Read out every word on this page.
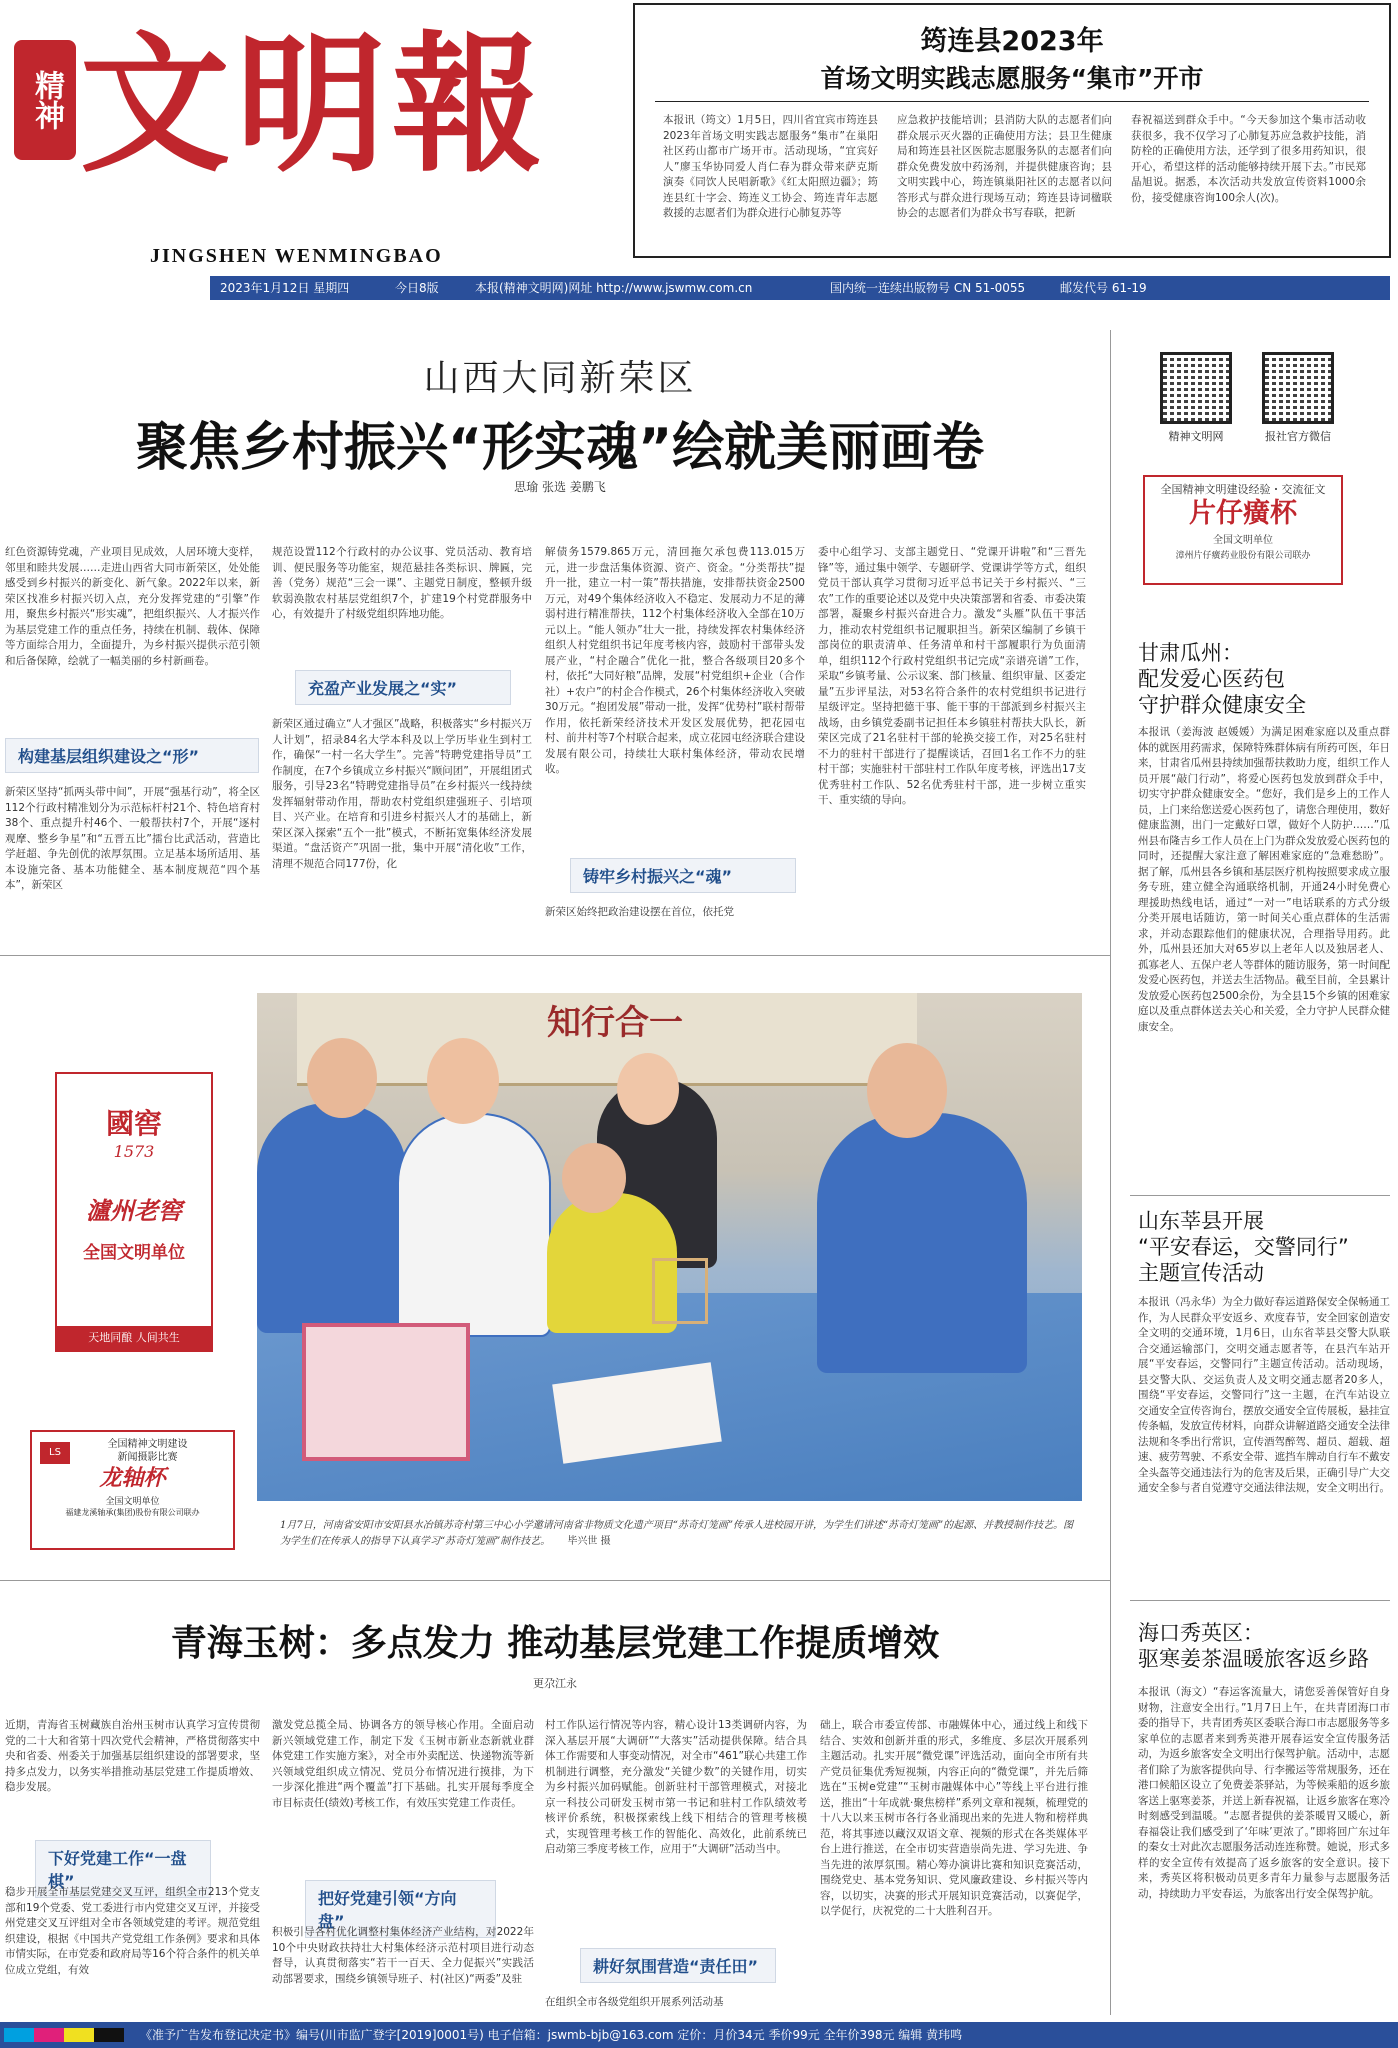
精神 文明報
JINGSHEN WENMINGBAO
筠连县2023年
首场文明实践志愿服务“集市”开市
本报讯（筠文）1月5日，四川省宜宾市筠连县2023年首场文明实践志愿服务“集市”在巢阳社区药山都市广场开市。活动现场，“宜宾好人”廖玉华协同爱人肖仁春为群众带来萨克斯演奏《同饮人民唱新歌》《红太阳照边疆》；筠连县红十字会、筠连义工协会、筠连青年志愿救援的志愿者们为群众进行心肺复苏等
应急救护技能培训；县消防大队的志愿者们向群众展示灭火器的正确使用方法；县卫生健康局和筠连县社区医院志愿服务队的志愿者们向群众免费发放中药汤剂，并提供健康咨询；县文明实践中心，筠连镇巢阳社区的志愿者以问答形式与群众进行现场互动；筠连县诗词楹联协会的志愿者们为群众书写春联，把新
春祝福送到群众手中。“今天参加这个集市活动收获很多，我不仅学习了心肺复苏应急救护技能，消防栓的正确使用方法，还学到了很多用药知识，很开心，希望这样的活动能够持续开展下去。”市民郑晶旭说。据悉，本次活动共发放宣传资料1000余份，接受健康咨询100余人(次)。
2023年1月12日 星期四	今日8版	本报(精神文明网)网址 http://www.jswmw.com.cn	国内统一连续出版物号 CN 51-0055	邮发代号 61-19
山西大同新荣区
聚焦乡村振兴“形实魂”绘就美丽画卷
思瑜 张选 姜鹏飞
红色资源铸党魂，产业项目见成效，人居环境大变样，邻里和睦共发展……走进山西省大同市新荣区，处处能感受到乡村振兴的新变化、新气象。2022年以来，新荣区找准乡村振兴切入点，充分发挥党建的“引擎”作用，聚焦乡村振兴“形实魂”，把组织振兴、人才振兴作为基层党建工作的重点任务，持续在机制、载体、保障等方面综合用力，全面提升，为乡村振兴提供示范引领和后备保障，绘就了一幅美丽的乡村新画卷。
构建基层组织建设之“形”
新荣区坚持“抓两头带中间”，开展“强基行动”，将全区112个行政村精准划分为示范标杆村21个、特色培育村38个、重点提升村46个、一般帮扶村7个，开展“逐村观摩、整乡争星”和“五晋五比”擂台比武活动，营造比学赶超、争先创优的浓厚氛围。立足基本场所适用、基本设施完备、基本功能健全、基本制度规范“四个基本”，新荣区
规范设置112个行政村的办公议事、党员活动、教育培训、便民服务等功能室，规范悬挂各类标识、牌匾，完善（党务）规范“三会一课”、主题党日制度，整顿升级软弱涣散农村基层党组织7个，扩建19个村党群服务中心，有效提升了村级党组织阵地功能。
充盈产业发展之“实”
新荣区通过确立“人才强区”战略，积极落实“乡村振兴万人计划”，招录84名大学本科及以上学历毕业生到村工作，确保“一村一名大学生”。完善“特聘党建指导员”工作制度，在7个乡镇成立乡村振兴“顾问团”，开展组团式服务，引导23名“特聘党建指导员”在乡村振兴一线持续发挥辐射带动作用，帮助农村党组织建强班子、引培项目、兴产业。在培育和引进乡村振兴人才的基础上，新荣区深入探索“五个一批”模式，不断拓宽集体经济发展渠道。“盘活资产”巩固一批，集中开展“清化收”工作，清理不规范合同177份，化
解债务1579.865万元，清回拖欠承包费113.015万元，进一步盘活集体资源、资产、资金。“分类帮扶”提升一批，建立一村一策”帮扶措施，安排帮扶资金2500万元，对49个集体经济收入不稳定、发展动力不足的薄弱村进行精准帮扶，112个村集体经济收入全部在10万元以上。“能人领办”壮大一批，持续发挥农村集体经济组织人村党组织书记年度考核内容，鼓励村干部带头发展产业，“村企融合”优化一批，整合各级项目20多个村，依托“大同好粮”品牌，发展“村党组织+企业（合作社）+农户”的村企合作模式，26个村集体经济收入突破30万元。“抱团发展”带动一批，发挥“优势村”联村帮带作用，依托新荣经济技术开发区发展优势，把花园屯村、前井村等7个村联合起来，成立花园屯经济联合建设发展有限公司，持续壮大联村集体经济，带动农民增收。
铸牢乡村振兴之“魂”
新荣区始终把政治建设摆在首位，依托党
委中心组学习、支部主题党日、“党课开讲啦”和“三晋先锋”等，通过集中领学、专题研学、党课讲学等方式，组织党员干部认真学习贯彻习近平总书记关于乡村振兴、“三农”工作的重要论述以及党中央决策部署和省委、市委决策部署，凝聚乡村振兴奋进合力。激发“头雁”队伍干事活力，推动农村党组织书记履职担当。新荣区编制了乡镇干部岗位的职责清单、任务清单和村干部履职行为负面清单，组织112个行政村党组织书记完成“亲谱亮谱”工作，采取“乡镇考量、公示议案、部门核量、组织审量、区委定量”五步评星法，对53名符合条件的农村党组织书记进行星级评定。坚持把德干事、能干事的干部派到乡村振兴主战场，由乡镇党委副书记担任本乡镇驻村帮扶大队长，新荣区完成了21名驻村干部的轮换交接工作，对25名驻村不力的驻村干部进行了提醒谈话，召回1名工作不力的驻村干部；实施驻村干部驻村工作队年度考核，评选出17支优秀驻村工作队、52名优秀驻村干部，进一步树立重实干、重实绩的导向。
精神文明网	报社官方微信
全国精神文明建设经验・交流征文
片仔癀杯
全国文明单位
漳州片仔癀药业股份有限公司联办
甘肃瓜州：
配发爱心医药包
守护群众健康安全
本报讯（姜海波 赵媛媛）为满足困难家庭以及重点群体的就医用药需求，保障特殊群体病有所药可医，年日来，甘肃省瓜州县持续加强帮扶救助力度，组织工作人员开展“敲门行动”，将爱心医药包发放到群众手中，切实守护群众健康安全。“您好，我们是乡上的工作人员，上门来给您送爱心医药包了，请您合理使用，数好健康监测，出门一定戴好口罩，做好个人防护……”瓜州县布隆吉乡工作人员在上门为群众发放爱心医药包的同时，还提醒大家注意了解困难家庭的“急难愁盼”。据了解，瓜州县各乡镇和基层医疗机构按照要求成立服务专班，建立健全沟通联络机制，开通24小时免费心理援助热线电话，通过“一对一”电话联系的方式分级分类开展电话随访，第一时间关心重点群体的生活需求，并动态跟踪他们的健康状况，合理指导用药。此外，瓜州县还加大对65岁以上老年人以及独居老人、孤寡老人、五保户老人等群体的随访服务，第一时间配发爱心医药包，并送去生活物品。截至目前，全县累计发放爱心医药包2500余份，为全县15个乡镇的困难家庭以及重点群体送去关心和关爱，全力守护人民群众健康安全。
山东莘县开展
“平安春运，交警同行”
主题宣传活动
本报讯（冯永华）为全力做好春运道路保安全保畅通工作，为人民群众平安返乡、欢度春节，安全回家创造安全文明的交通环境，1月6日，山东省莘县交警大队联合交通运输部门，交明交通志愿者等，在县汽车站开展“平安春运，交警同行”主题宣传活动。活动现场，县交警大队、交运负责人及文明交通志愿者20多人，围绕“平安春运，交警同行”这一主题，在汽车站设立交通安全宣传咨询台，摆放交通安全宣传展板，悬挂宣传条幅，发放宣传材料，向群众讲解道路交通安全法律法规和冬季出行常识，宣传酒驾醉驾、超员、超载、超速、疲劳驾驶、不系安全带、遮挡车牌动自行车不戴安全头盔等交通违法行为的危害及后果，正确引导广大交通安全参与者自觉遵守交通法律法规，安全文明出行。
海口秀英区：
驱寒姜茶温暖旅客返乡路
本报讯（海文）“春运客流量大，请您妥善保管好自身财物，注意安全出行。”1月7日上午，在共青团海口市委的指导下，共青团秀英区委联合海口市志愿服务等多家单位的志愿者来到秀英港开展春运安全宣传服务活动，为返乡旅客安全文明出行保驾护航。活动中，志愿者们除了为旅客提供向导、行李搬运等常规服务，还在港口候船区设立了免费姜茶驿站，为等候乘船的返乡旅客送上驱寒姜茶，并送上新春祝福，让返乡旅客在寒冷时刻感受到温暖。“志愿者提供的姜茶暖胃又暖心，新春福袋让我们感受到了‘年味’更浓了。”即将回广东过年的秦女士对此次志愿服务活动连连称赞。她说，形式多样的安全宣传有效提高了返乡旅客的安全意识。接下来，秀英区将积极动员更多青年力量参与志愿服务活动，持续助力平安春运，为旅客出行安全保驾护航。
國窖
1573
瀘州老窖
全国文明单位
天地同酿 人间共生
LS
全国精神文明建设
新闻摄影比赛
龙轴杯
全国文明单位
福建龙溪轴承(集团)股份有限公司联办
知行合一
1月7日，河南省安阳市安阳县水冶镇苏奇村第三中心小学邀请河南省非物质文化遗产项目“苏奇灯笼画”传承人进校园开讲，为学生们讲述“苏奇灯笼画”的起源、并教授制作技艺。图为学生们在传承人的指导下认真学习“苏奇灯笼画”制作技艺。 毕兴世 摄
青海玉树：多点发力 推动基层党建工作提质增效
更尕江永
近期，青海省玉树藏族自治州玉树市认真学习宣传贯彻党的二十大和省第十四次党代会精神，严格贯彻落实中央和省委、州委关于加强基层组织建设的部署要求，坚持多点发力，以务实举措推动基层党建工作提质增效、稳步发展。
下好党建工作“一盘棋”
稳步开展全市基层党建交叉互评，组织全市213个党支部和19个党委、党工委进行市内党建交叉互评，并接受州党建交叉互评组对全市各领域党建的考评。规范党组织建设，根据《中国共产党党组工作条例》要求和具体市情实际，在市党委和政府局等16个符合条件的机关单位成立党组，有效
激发党总揽全局、协调各方的领导核心作用。全面启动新兴领域党建工作，制定下发《玉树市新业态新就业群体党建工作实施方案》，对全市外卖配送、快递物流等新兴领域党组织成立情况、党员分布情况进行摸排，为下一步深化推进“两个覆盖”打下基础。扎实开展每季度全市目标责任(绩效)考核工作，有效压实党建工作责任。
把好党建引领“方向盘”
积极引导各村优化调整村集体经济产业结构，对2022年10个中央财政扶持壮大村集体经济示范村项目进行动态督导，认真贯彻落实“若干一百天、全力促振兴”实践活动部署要求，围绕乡镇领导班子、村(社区)“两委”及驻
村工作队运行情况等内容，精心设计13类调研内容，为深入基层开展“大调研”“大落实”活动提供保障。结合具体工作需要和人事变动情况，对全市“461”联心共建工作机制进行调整，充分激发“关键少数”的关键作用，切实为乡村振兴加码赋能。创新驻村干部管理模式，对接北京一科技公司研发玉树市第一书记和驻村工作队绩效考核评价系统，积极探索线上线下相结合的管理考核模式，实现管理考核工作的智能化、高效化，此前系统已启动第三季度考核工作，应用于“大调研”活动当中。
耕好氛围营造“责任田”
在组织全市各级党组织开展系列活动基
础上，联合市委宣传部、市融媒体中心，通过线上和线下结合、实效和创新并重的形式，多维度、多层次开展系列主题活动。扎实开展“微党课”评选活动，面向全市所有共产党员征集优秀短视频，内容正向的“微党课”，并先后筛选在“玉树e党建”“玉树市融媒体中心”等线上平台进行推送，推出“十年成就·聚焦榜样”系列文章和视频，梳理党的十八大以来玉树市各行各业涌现出来的先进人物和榜样典范，将其事迹以藏汉双语文章、视频的形式在各类媒体平台上进行推送，在全市切实营造崇尚先进、学习先进、争当先进的浓厚氛围。精心筹办演讲比赛和知识竞赛活动，围绕党史、基本党务知识、党风廉政建设、乡村振兴等内容，以切实，决赛的形式开展知识竞赛活动，以赛促学，以学促行，庆祝党的二十大胜利召开。
《准予广告发布登记决定书》编号(川市监广登字[2019]0001号) 电子信箱：jswmb-bjb@163.com 定价：月价34元 季价99元 全年价398元 编辑 黄玮鸣
